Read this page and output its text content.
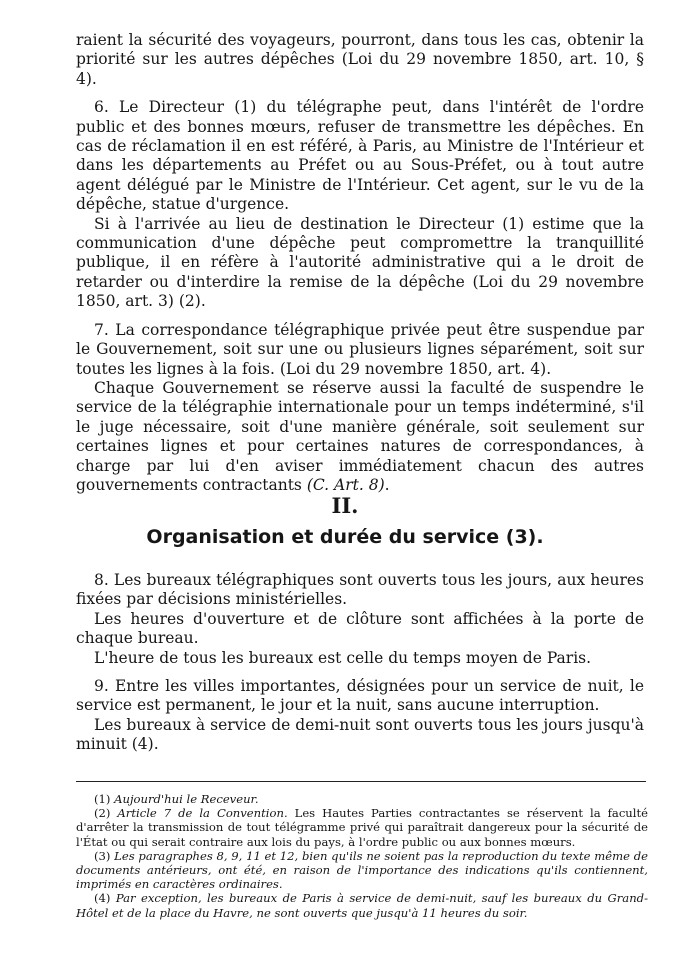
raient la sécurité des voyageurs, pourront, dans tous les cas, obtenir la priorité sur les autres dépêches (Loi du 29 novembre 1850, art. 10, § 4).

6. Le Directeur (1) du télégraphe peut, dans l'intérêt de l'ordre public et des bonnes mœurs, refuser de transmettre les dépêches. En cas de réclamation il en est référé, à Paris, au Ministre de l'Intérieur et dans les départements au Préfet ou au Sous-Préfet, ou à tout autre agent délégué par le Ministre de l'Intérieur. Cet agent, sur le vu de la dépêche, statue d'urgence.

Si à l'arrivée au lieu de destination le Directeur (1) estime que la communication d'une dépêche peut compromettre la tranquillité publique, il en réfère à l'autorité administrative qui a le droit de retarder ou d'interdire la remise de la dépêche (Loi du 29 novembre 1850, art. 3) (2).

7. La correspondance télégraphique privée peut être suspendue par le Gouvernement, soit sur une ou plusieurs lignes séparément, soit sur toutes les lignes à la fois. (Loi du 29 novembre 1850, art. 4).

Chaque Gouvernement se réserve aussi la faculté de suspendre le service de la télégraphie internationale pour un temps indéterminé, s'il le juge nécessaire, soit d'une manière générale, soit seulement sur certaines lignes et pour certaines natures de correspondances, à charge par lui d'en aviser immédiatement chacun des autres gouvernements contractants (C. Art. 8).

II.
Organisation et durée du service (3).

8. Les bureaux télégraphiques sont ouverts tous les jours, aux heures fixées par décisions ministérielles.

Les heures d'ouverture et de clôture sont affichées à la porte de chaque bureau.

L'heure de tous les bureaux est celle du temps moyen de Paris.

9. Entre les villes importantes, désignées pour un service de nuit, le service est permanent, le jour et la nuit, sans aucune interruption.

Les bureaux à service de demi-nuit sont ouverts tous les jours jusqu'à minuit (4).

(1) Aujourd'hui le Receveur.

(2) Article 7 de la Convention. Les Hautes Parties contractantes se réservent la faculté d'arrêter la transmission de tout télégramme privé qui paraîtrait dangereux pour la sécurité de l'État ou qui serait contraire aux lois du pays, à l'ordre public ou aux bonnes mœurs.

(3) Les paragraphes 8, 9, 11 et 12, bien qu'ils ne soient pas la reproduction du texte même de documents antérieurs, ont été, en raison de l'importance des indications qu'ils contiennent, imprimés en caractères ordinaires.

(4) Par exception, les bureaux de Paris à service de demi-nuit, sauf les bureaux du Grand-Hôtel et de la place du Havre, ne sont ouverts que jusqu'à 11 heures du soir.
